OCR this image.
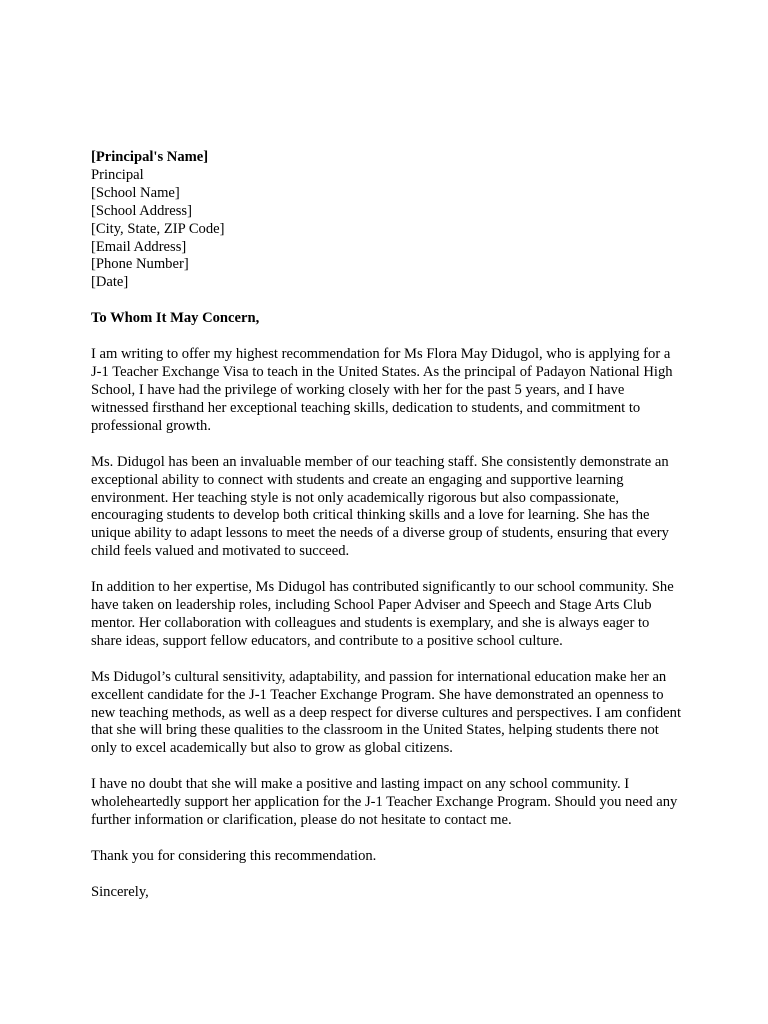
[Principal's Name]
Principal
[School Name]
[School Address]
[City, State, ZIP Code]
[Email Address]
[Phone Number]
[Date]

To Whom It May Concern,

I am writing to offer my highest recommendation for Ms Flora May Didugol, who is applying for a J-1 Teacher Exchange Visa to teach in the United States. As the principal of Padayon National High School, I have had the privilege of working closely with her for the past 5 years, and I have witnessed firsthand her exceptional teaching skills, dedication to students, and commitment to professional growth.

Ms. Didugol has been an invaluable member of our teaching staff. She consistently demonstrate an exceptional ability to connect with students and create an engaging and supportive learning environment. Her teaching style is not only academically rigorous but also compassionate, encouraging students to develop both critical thinking skills and a love for learning. She has the unique ability to adapt lessons to meet the needs of a diverse group of students, ensuring that every child feels valued and motivated to succeed.

In addition to her expertise, Ms Didugol has contributed significantly to our school community. She have taken on leadership roles, including School Paper Adviser and Speech and Stage Arts Club mentor. Her collaboration with colleagues and students is exemplary, and she is always eager to share ideas, support fellow educators, and contribute to a positive school culture.

Ms Didugol’s cultural sensitivity, adaptability, and passion for international education make her an excellent candidate for the J-1 Teacher Exchange Program. She have demonstrated an openness to new teaching methods, as well as a deep respect for diverse cultures and perspectives. I am confident that she will bring these qualities to the classroom in the United States, helping students there not only to excel academically but also to grow as global citizens.

I have no doubt that she will make a positive and lasting impact on any school community. I wholeheartedly support her application for the J-1 Teacher Exchange Program. Should you need any further information or clarification, please do not hesitate to contact me.

Thank you for considering this recommendation.

Sincerely,
